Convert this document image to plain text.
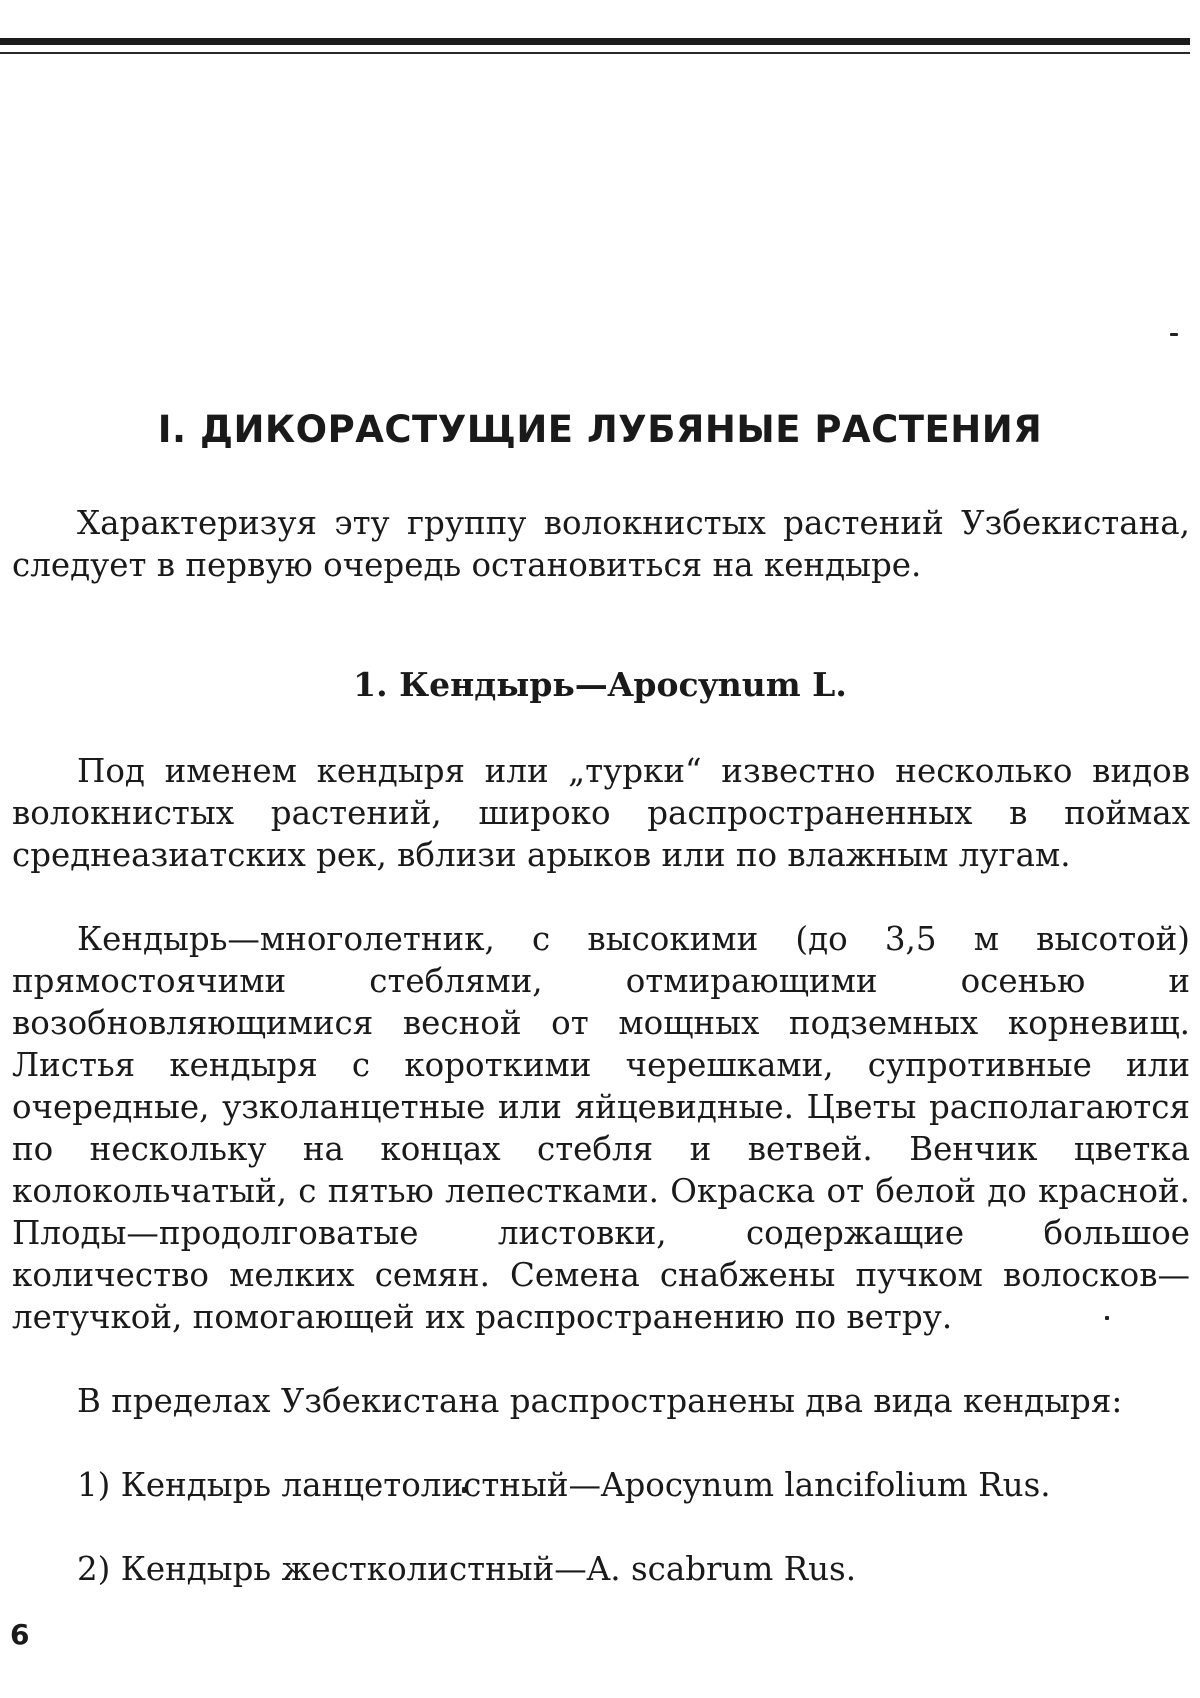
I. ДИКОРАСТУЩИЕ ЛУБЯНЫЕ РАСТЕНИЯ

Характеризуя эту группу волокнистых растений Узбекистана, следует в первую очередь остановиться на кендыре.

1. Кендырь—Apocynum L.

Под именем кендыря или „турки“ известно несколько видов волокнистых растений, широко распространенных в поймах среднеазиатских рек, вблизи арыков или по влажным лугам.

Кендырь—многолетник, с высокими (до 3,5 м высотой) прямостоячими стеблями, отмирающими осенью и возобновляющимися весной от мощных подземных корневищ. Листья кендыря с короткими черешками, супротивные или очередные, узколанцетные или яйцевидные. Цветы располагаются по нескольку на концах стебля и ветвей. Венчик цветка колокольчатый, с пятью лепестками. Окраска от белой до красной. Плоды—продолговатые листовки, содержащие большое количество мелких семян. Семена снабжены пучком волосков—летучкой, помогающей их распространению по ветру.

В пределах Узбекистана распространены два вида кендыря:

1) Кендырь ланцетолистный—Apocynum lancifolium Rus.

2) Кендырь жестколистный—A. scabrum Rus.

6
